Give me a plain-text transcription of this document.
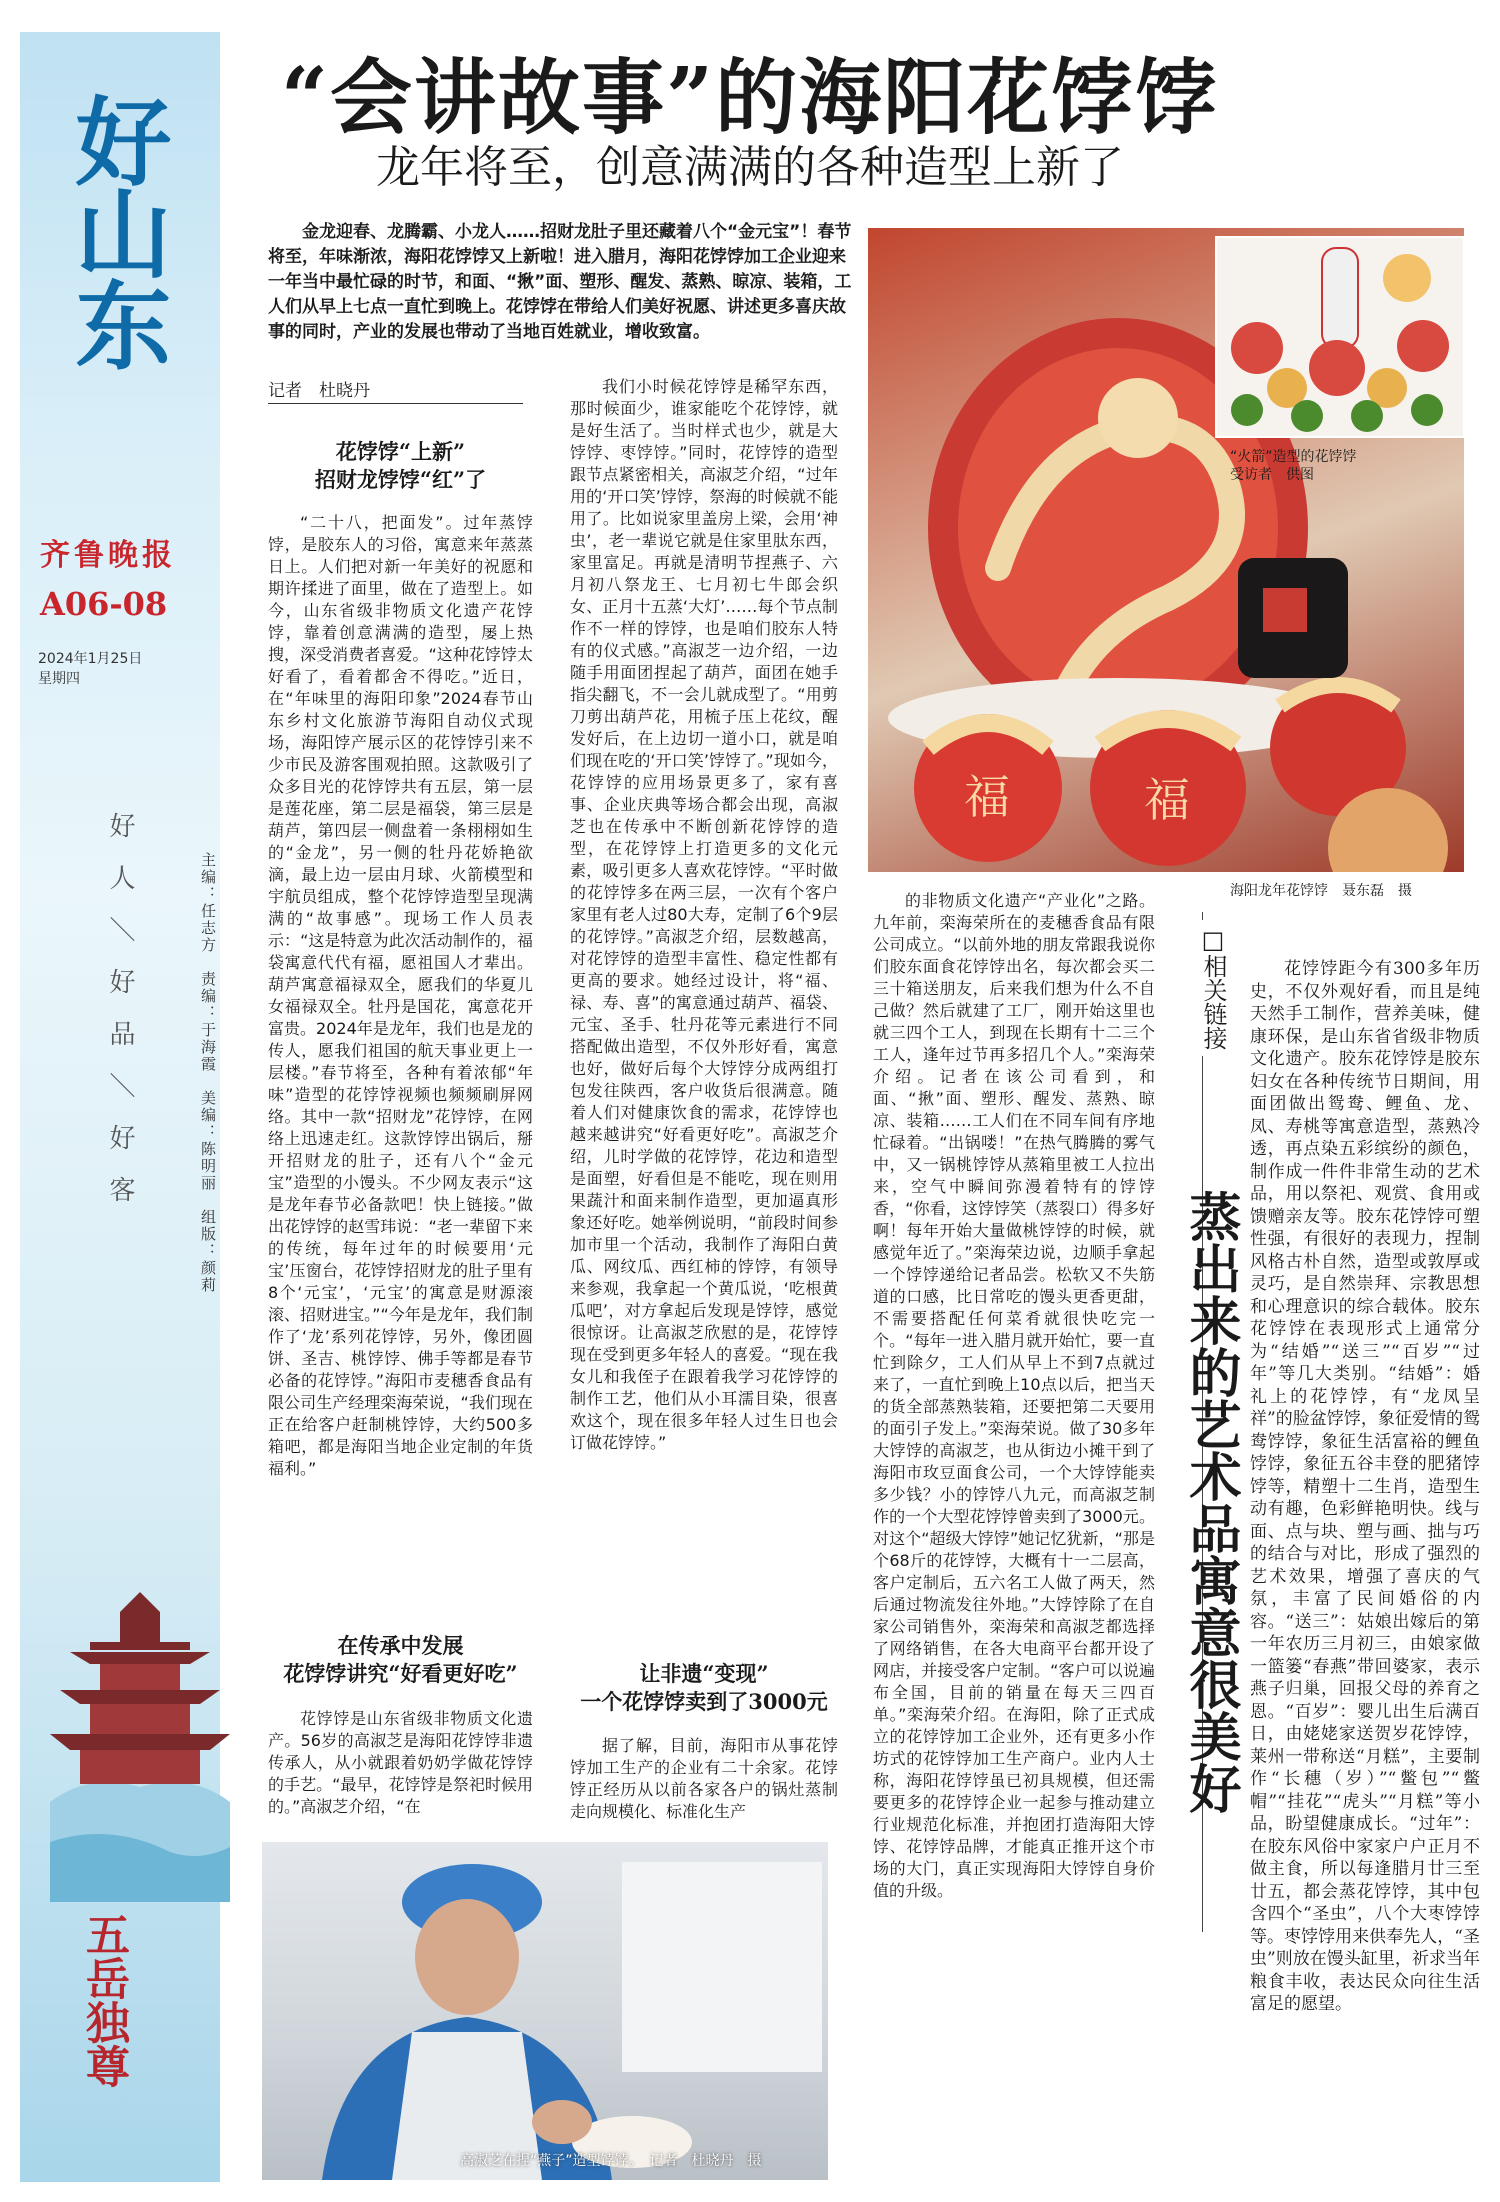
好山东
好人＼好品＼好客	主编：任志方　责编：于海霞　美编：陈明丽　组版：颜莉
五岳独尊
齐鲁晚报
A06-08
2024年1月25日
星期四
“会讲故事”的海阳花饽饽
龙年将至，创意满满的各种造型上新了
金龙迎春、龙腾霸、小龙人……招财龙肚子里还藏着八个“金元宝”！春节将至，年味渐浓，海阳花饽饽又上新啦！进入腊月，海阳花饽饽加工企业迎来一年当中最忙碌的时节，和面、“揪”面、塑形、醒发、蒸熟、晾凉、装箱，工人们从早上七点一直忙到晚上。花饽饽在带给人们美好祝愿、讲述更多喜庆故事的同时，产业的发展也带动了当地百姓就业，增收致富。
记者　杜晓丹
花饽饽“上新”
招财龙饽饽“红”了

“二十八，把面发”。过年蒸饽饽，是胶东人的习俗，寓意来年蒸蒸日上。人们把对新一年美好的祝愿和期许揉进了面里，做在了造型上。如今，山东省级非物质文化遗产花饽饽，靠着创意满满的造型，屡上热搜，深受消费者喜爱。“这种花饽饽太好看了，看着都舍不得吃。”近日，在“年味里的海阳印象”2024春节山东乡村文化旅游节海阳自动仪式现场，海阳饽产展示区的花饽饽引来不少市民及游客围观拍照。这款吸引了众多目光的花饽饽共有五层，第一层是莲花座，第二层是福袋，第三层是葫芦，第四层一侧盘着一条栩栩如生的“金龙”，另一侧的牡丹花娇艳欲滴，最上边一层由月球、火箭模型和宇航员组成，整个花饽饽造型呈现满满的“故事感”。现场工作人员表示：“这是特意为此次活动制作的，福袋寓意代代有福，愿祖国人才辈出。葫芦寓意福禄双全，愿我们的华夏儿女福禄双全。牡丹是国花，寓意花开富贵。2024年是龙年，我们也是龙的传人，愿我们祖国的航天事业更上一层楼。”春节将至，各种有着浓郁“年味”造型的花饽饽视频也频频刷屏网络。其中一款“招财龙”花饽饽，在网络上迅速走红。这款饽饽出锅后，掰开招财龙的肚子，还有八个“金元宝”造型的小馒头。不少网友表示“这是龙年春节必备款吧！快上链接。”做出花饽饽的赵雪玮说：“老一辈留下来的传统，每年过年的时候要用‘元宝’压窗台，花饽饽招财龙的肚子里有8个‘元宝’，‘元宝’的寓意是财源滚滚、招财进宝。”“今年是龙年，我们制作了‘龙’系列花饽饽，另外，像团圆饼、圣吉、桃饽饽、佛手等都是春节必备的花饽饽。”海阳市麦穗香食品有限公司生产经理栾海荣说，“我们现在正在给客户赶制桃饽饽，大约500多箱吧，都是海阳当地企业定制的年货福利。”

在传承中发展
花饽饽讲究“好看更好吃”

花饽饽是山东省级非物质文化遗产。56岁的高淑芝是海阳花饽饽非遗传承人，从小就跟着奶奶学做花饽饽的手艺。“最早，花饽饽是祭祀时候用的。”高淑芝介绍，“在

我们小时候花饽饽是稀罕东西，那时候面少，谁家能吃个花饽饽，就是好生活了。当时样式也少，就是大饽饽、枣饽饽。”同时，花饽饽的造型跟节点紧密相关，高淑芝介绍，“过年用的‘开口笑’饽饽，祭海的时候就不能用了。比如说家里盖房上梁，会用‘神虫’，老一辈说它就是住家里肽东西，家里富足。再就是清明节捏燕子、六月初八祭龙王、七月初七牛郎会织女、正月十五蒸‘大灯’……每个节点制作不一样的饽饽，也是咱们胶东人特有的仪式感。”高淑芝一边介绍，一边随手用面团捏起了葫芦，面团在她手指尖翻飞，不一会儿就成型了。“用剪刀剪出葫芦花，用梳子压上花纹，醒发好后，在上边切一道小口，就是咱们现在吃的‘开口笑’饽饽了。”现如今，花饽饽的应用场景更多了，家有喜事、企业庆典等场合都会出现，高淑芝也在传承中不断创新花饽饽的造型，在花饽饽上打造更多的文化元素，吸引更多人喜欢花饽饽。“平时做的花饽饽多在两三层，一次有个客户家里有老人过80大寿，定制了6个9层的花饽饽。”高淑芝介绍，层数越高，对花饽饽的造型丰富性、稳定性都有更高的要求。她经过设计，将“福、禄、寿、喜”的寓意通过葫芦、福袋、元宝、圣手、牡丹花等元素进行不同搭配做出造型，不仅外形好看，寓意也好，做好后每个大饽饽分成两组打包发往陕西，客户收货后很满意。随着人们对健康饮食的需求，花饽饽也越来越讲究“好看更好吃”。高淑芝介绍，儿时学做的花饽饽，花边和造型是面塑，好看但是不能吃，现在则用果蔬汁和面来制作造型，更加逼真形象还好吃。她举例说明，“前段时间参加市里一个活动，我制作了海阳白黄瓜、网纹瓜、西红柿的饽饽，有领导来参观，我拿起一个黄瓜说，‘吃根黄瓜吧’，对方拿起后发现是饽饽，感觉很惊讶。让高淑芝欣慰的是，花饽饽现在受到更多年轻人的喜爱。“现在我女儿和我侄子在跟着我学习花饽饽的制作工艺，他们从小耳濡目染，很喜欢这个，现在很多年轻人过生日也会订做花饽饽。”

让非遗“变现”
一个花饽饽卖到了3000元

据了解，目前，海阳市从事花饽饽加工生产的企业有二十余家。花饽饽正经历从以前各家各户的锅灶蒸制走向规模化、标准化生产

的非物质文化遗产“产业化”之路。九年前，栾海荣所在的麦穗香食品有限公司成立。“以前外地的朋友常跟我说你们胶东面食花饽饽出名，每次都会买二三十箱送朋友，后来我们想为什么不自己做？然后就建了工厂，刚开始这里也就三四个工人，到现在长期有十二三个工人，逢年过节再多招几个人。”栾海荣介绍。记者在该公司看到，和面、“揪”面、塑形、醒发、蒸熟、晾凉、装箱……工人们在不同车间有序地忙碌着。“出锅喽！”在热气腾腾的雾气中，又一锅桃饽饽从蒸箱里被工人拉出来，空气中瞬间弥漫着特有的饽饽香，“你看，这饽饽笑（蒸裂口）得多好啊！每年开始大量做桃饽饽的时候，就感觉年近了。”栾海荣边说，边顺手拿起一个饽饽递给记者品尝。松软又不失筋道的口感，比日常吃的馒头更香更甜，不需要搭配任何菜肴就很快吃完一个。“每年一进入腊月就开始忙，要一直忙到除夕，工人们从早上不到7点就过来了，一直忙到晚上10点以后，把当天的货全部蒸熟装箱，还要把第二天要用的面引子发上。”栾海荣说。做了30多年大饽饽的高淑芝，也从街边小摊干到了海阳市玫豆面食公司，一个大饽饽能卖多少钱？小的饽饽八九元，而高淑芝制作的一个大型花饽饽曾卖到了3000元。对这个“超级大饽饽”她记忆犹新，“那是个68斤的花饽饽，大概有十一二层高，客户定制后，五六名工人做了两天，然后通过物流发往外地。”大饽饽除了在自家公司销售外，栾海荣和高淑芝都选择了网络销售，在各大电商平台都开设了网店，并接受客户定制。“客户可以说遍布全国，目前的销量在每天三四百单。”栾海荣介绍。在海阳，除了正式成立的花饽饽加工企业外，还有更多小作坊式的花饽饽加工生产商户。业内人士称，海阳花饽饽虽已初具规模，但还需要更多的花饽饽企业一起参与推动建立行业规范化标准，并抱团打造海阳大饽饽、花饽饽品牌，才能真正推开这个市场的大门，真正实现海阳大饽饽自身价值的升级。

福	福
“火箭”造型的花饽饽
受访者　供图
海阳龙年花饽饽　聂东磊　摄
高淑芝在捏“燕子”造型饽饽。　记者　杜晓丹　摄
□相关链接
蒸出来的艺术品寓意很美好

花饽饽距今有300多年历史，不仅外观好看，而且是纯天然手工制作，营养美味，健康环保，是山东省省级非物质文化遗产。胶东花饽饽是胶东妇女在各种传统节日期间，用面团做出鸳鸯、鲤鱼、龙、凤、寿桃等寓意造型，蒸熟冷透，再点染五彩缤纷的颜色，制作成一件件非常生动的艺术品，用以祭祀、观赏、食用或馈赠亲友等。胶东花饽饽可塑性强，有很好的表现力，捏制风格古朴自然，造型或敦厚或灵巧，是自然崇拜、宗教思想和心理意识的综合载体。胶东花饽饽在表现形式上通常分为“结婚”“送三”“百岁”“过年”等几大类别。“结婚”：婚礼上的花饽饽，有“龙凤呈祥”的脸盆饽饽，象征爱情的鸳鸯饽饽，象征生活富裕的鲤鱼饽饽，象征五谷丰登的肥猪饽饽等，精塑十二生肖，造型生动有趣，色彩鲜艳明快。线与面、点与块、塑与画、拙与巧的结合与对比，形成了强烈的艺术效果，增强了喜庆的气氛，丰富了民间婚俗的内容。“送三”：姑娘出嫁后的第一年农历三月初三，由娘家做一篮篓“春燕”带回婆家，表示燕子归巢，回报父母的养育之恩。“百岁”：婴儿出生后满百日，由姥姥家送贺岁花饽饽，莱州一带称送“月糕”，主要制作“长穗（岁）”“鳖包”“鳖帽”“挂花”“虎头”“月糕”等小品，盼望健康成长。“过年”：在胶东风俗中家家户户正月不做主食，所以每逢腊月廿三至廿五，都会蒸花饽饽，其中包含四个“圣虫”，八个大枣饽饽等。枣饽饽用来供奉先人，“圣虫”则放在馒头缸里，祈求当年粮食丰收，表达民众向往生活富足的愿望。
